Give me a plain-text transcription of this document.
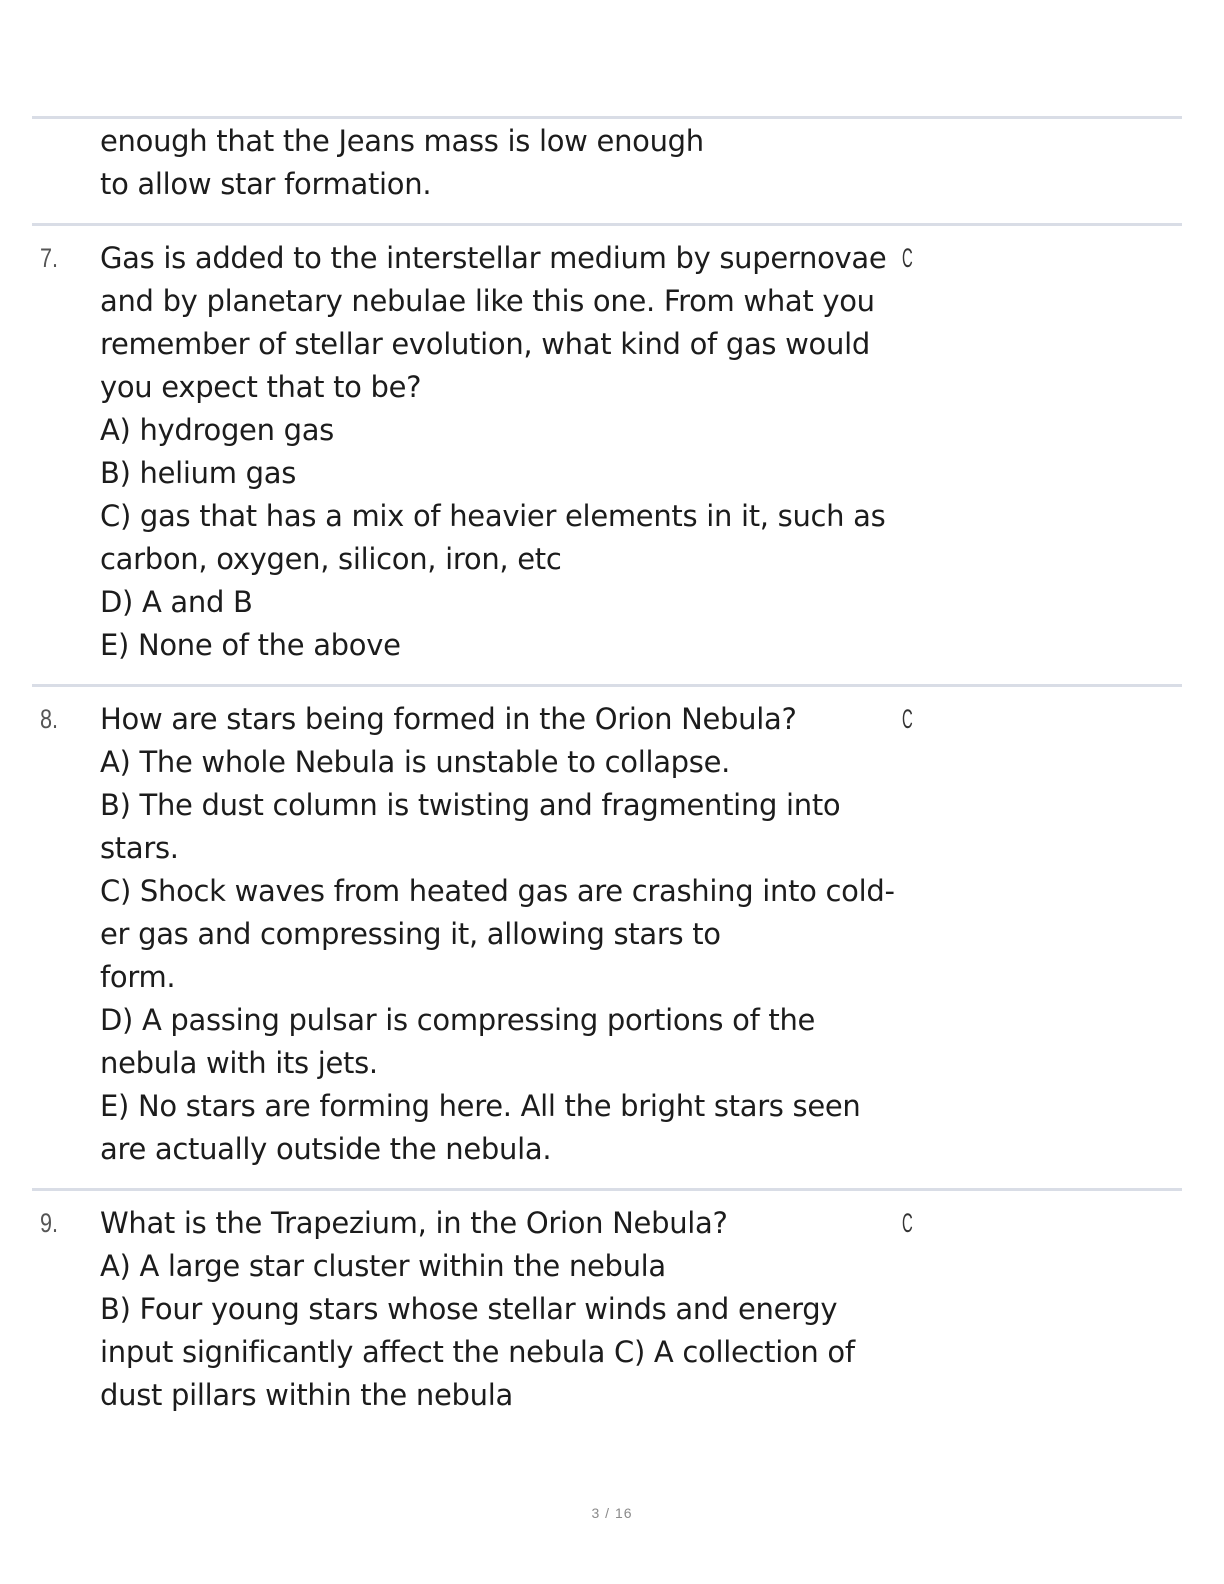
enough that the Jeans mass is low enough
to allow star formation.
7. Gas is added to the interstellar medium by supernovae
and by planetary nebulae like this one. From what you
remember of stellar evolution, what kind of gas would
you expect that to be?
A) hydrogen gas
B) helium gas
C) gas that has a mix of heavier elements in it, such as
carbon, oxygen, silicon, iron, etc
D) A and B
E) None of the above
C
8. How are stars being formed in the Orion Nebula?
A) The whole Nebula is unstable to collapse.
B) The dust column is twisting and fragmenting into
stars.
C) Shock waves from heated gas are crashing into cold-
er gas and compressing it, allowing stars to
form.
D) A passing pulsar is compressing portions of the
nebula with its jets.
E) No stars are forming here. All the bright stars seen
are actually outside the nebula.
C
9. What is the Trapezium, in the Orion Nebula?
A) A large star cluster within the nebula
B) Four young stars whose stellar winds and energy
input significantly affect the nebula C) A collection of
dust pillars within the nebula
C
3 / 16
